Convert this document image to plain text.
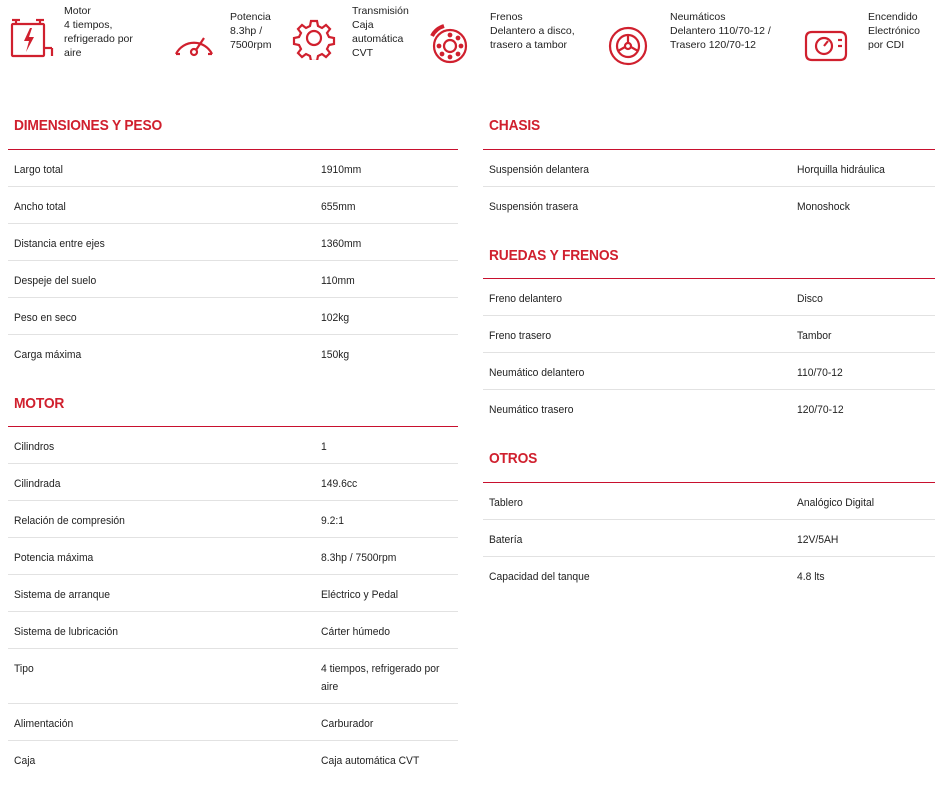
Motor
4 tiempos,
refrigerado por
aire
Potencia
8.3hp /
7500rpm
Transmisión
Caja
automática
CVT
Frenos
Delantero a disco,
trasero a tambor
Neumáticos
Delantero 110/70-12 /
Trasero 120/70-12
Encendido
Electrónico
por CDI
DIMENSIONES Y PESO
Largo total	1910mm
Ancho total	655mm
Distancia entre ejes	1360mm
Despeje del suelo	110mm
Peso en seco	102kg
Carga máxima	150kg
MOTOR
Cilindros	1
Cilindrada	149.6cc
Relación de compresión	9.2:1
Potencia máxima	8.3hp / 7500rpm
Sistema de arranque	Eléctrico y Pedal
Sistema de lubricación	Cárter húmedo
Tipo	4 tiempos, refrigerado por aire
Alimentación	Carburador
Caja	Caja automática CVT
CHASIS
Suspensión delantera	Horquilla hidráulica
Suspensión trasera	Monoshock
RUEDAS Y FRENOS
Freno delantero	Disco
Freno trasero	Tambor
Neumático delantero	110/70-12
Neumático trasero	120/70-12
OTROS
Tablero	Analógico Digital
Batería	12V/5AH
Capacidad del tanque	4.8 lts
